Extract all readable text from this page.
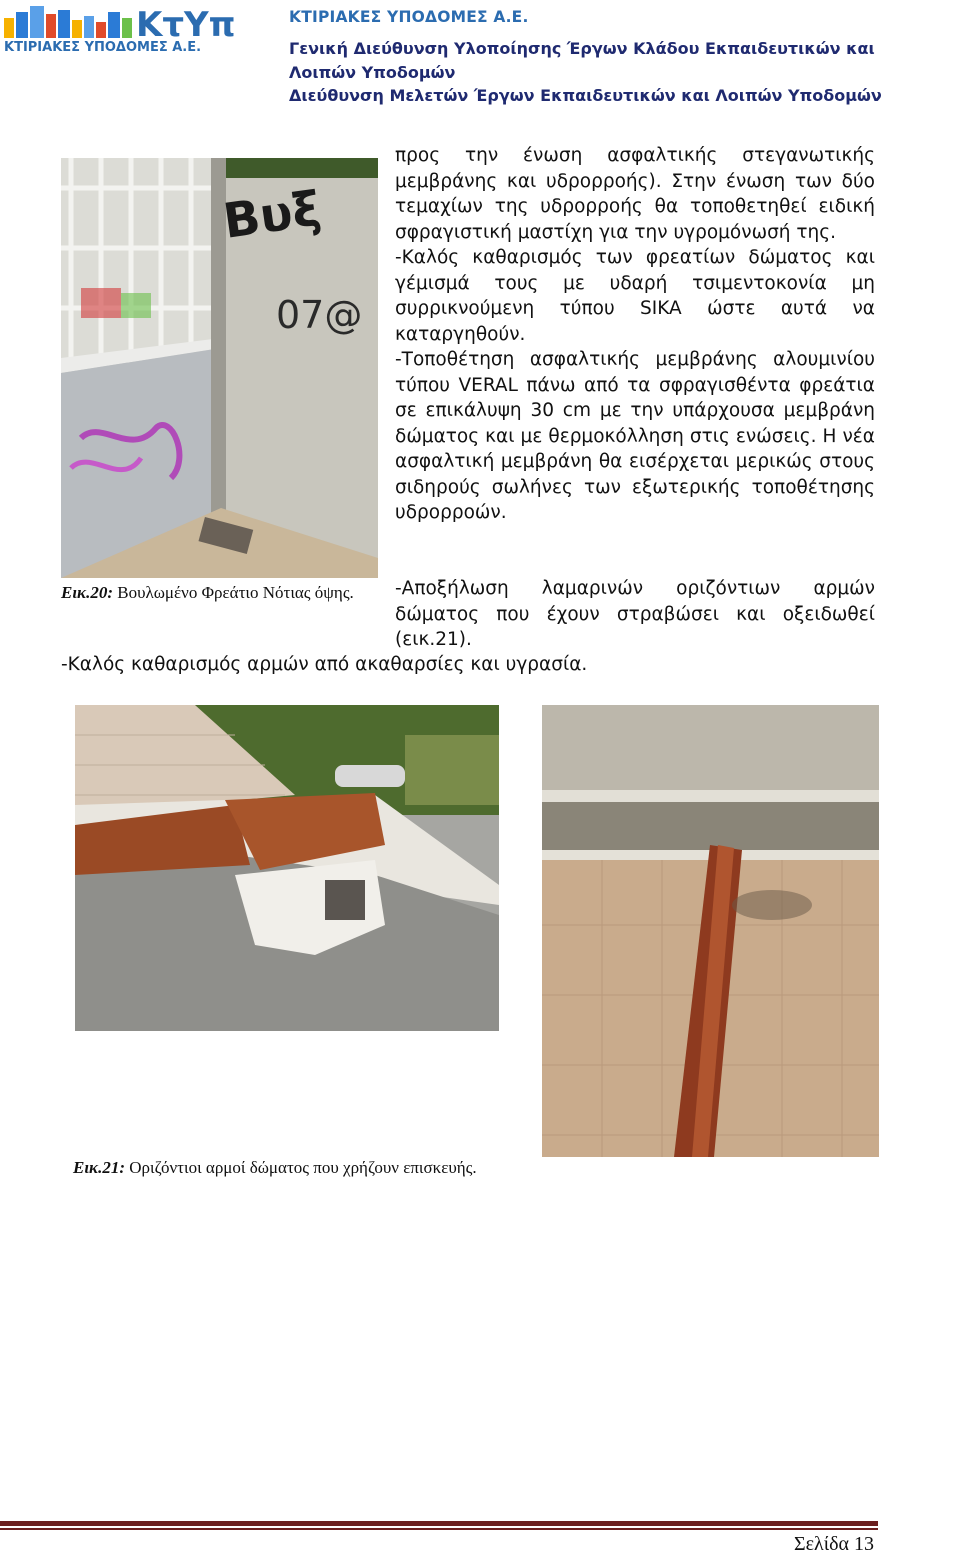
ΚτΥπ
ΚΤΙΡΙΑΚΕΣ ΥΠΟΔΟΜΕΣ Α.Ε.
ΚΤΙΡΙΑΚΕΣ ΥΠΟΔΟΜΕΣ Α.Ε.
Γενική Διεύθυνση Υλοποίησης Έργων Κλάδου Εκπαιδευτικών και
Λοιπών Υποδομών
Διεύθυνση Μελετών Έργων Εκπαιδευτικών και Λοιπών Υποδομών
Βυξ
07@
προς την ένωση ασφαλτικής στεγανωτικής μεμβράνης και υδρορροής). Στην ένωση των δύο τεμαχίων της υδρορροής θα τοποθετηθεί ειδική σφραγιστική μαστίχη για την υγρομόνωσή της.
-Καλός καθαρισμός των φρεατίων δώματος και γέμισμά τους με υδαρή τσιμεντοκονία μη συρρικνούμενη τύπου SIKA ώστε αυτά να καταργηθούν.
-Τοποθέτηση ασφαλτικής μεμβράνης αλουμινίου τύπου VERAL πάνω από τα σφραγισθέντα φρεάτια σε επικάλυψη 30 cm με την υπάρχουσα μεμβράνη δώματος και με θερμοκόλληση στις ενώσεις. Η νέα ασφαλτική μεμβράνη θα εισέρχεται μερικώς στους σιδηρούς σωλήνες των εξωτερικής τοποθέτησης υδρορροών.
Εικ.20: Βουλωμένο Φρεάτιο Νότιας όψης.	-Αποξήλωση λαμαρινών οριζόντιων αρμών δώματος που έχουν στραβώσει και οξειδωθεί (εικ.21).
-Καλός καθαρισμός αρμών από ακαθαρσίες και υγρασία.
Εικ.21: Οριζόντιοι αρμοί δώματος που χρήζουν επισκευής.
Σελίδα 13
